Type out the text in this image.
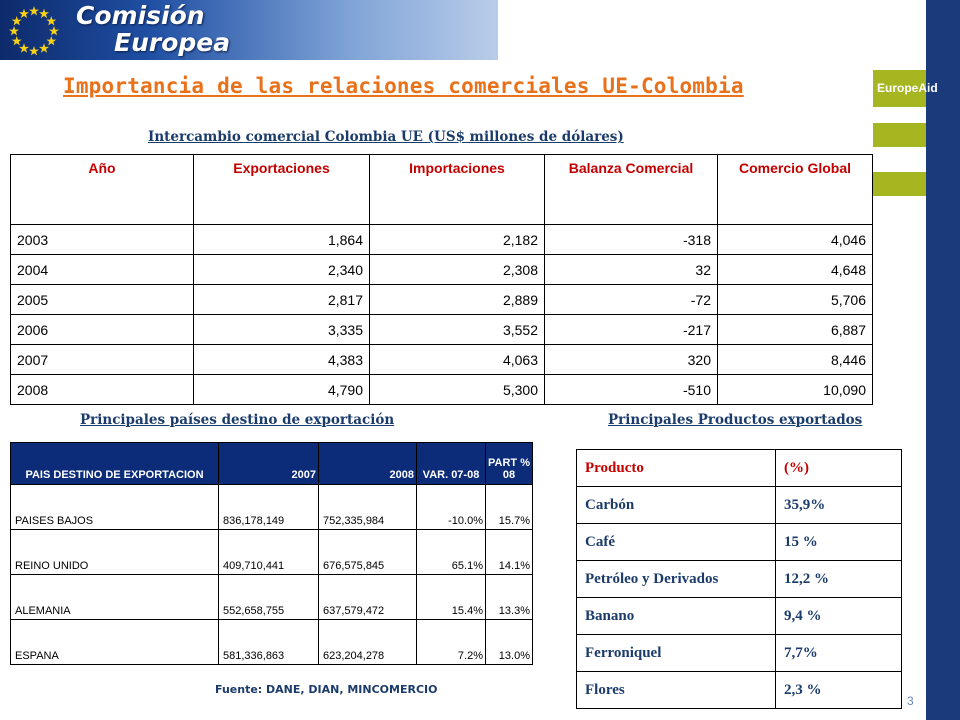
Comisión
Europea
EuropeAid
Importancia de las relaciones comerciales UE-Colombia
Intercambio comercial Colombia UE (US$ millones de dólares)
Año	Exportaciones	Importaciones	Balanza Comercial	Comercio Global
2003	1,864	2,182	-318	4,046
2004	2,340	2,308	32	4,648
2005	2,817	2,889	-72	5,706
2006	3,335	3,552	-217	6,887
2007	4,383	4,063	320	8,446
2008	4,790	5,300	-510	10,090
Principales países destino de exportación	Principales Productos exportados
PAIS DESTINO DE EXPORTACION	2007	2008	VAR. 07-08	PART % 08
PAISES BAJOS	836,178,149	752,335,984	-10.0%	15.7%
REINO UNIDO	409,710,441	676,575,845	65.1%	14.1%
ALEMANIA	552,658,755	637,579,472	15.4%	13.3%
ESPANA	581,336,863	623,204,278	7.2%	13.0%
Fuente: DANE, DIAN, MINCOMERCIO
Producto	(%)
Carbón	35,9%
Café	15 %
Petróleo y Derivados	12,2 %
Banano	9,4 %
Ferroniquel	7,7%
Flores	2,3 %
3
